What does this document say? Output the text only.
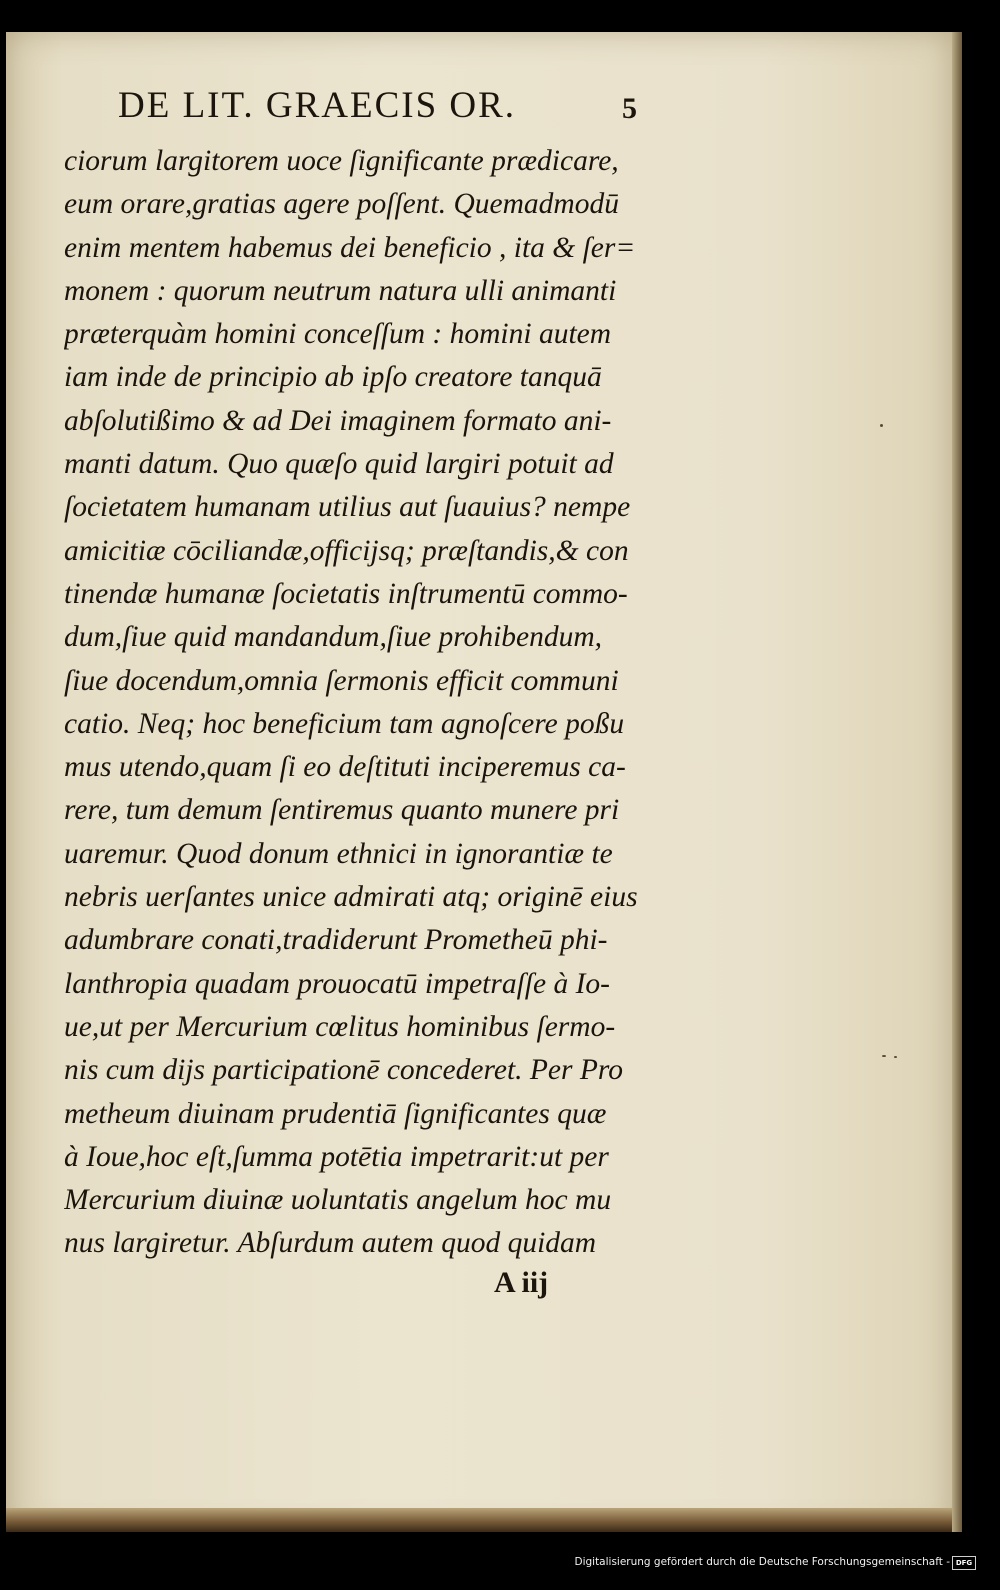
DE LIT. GRAECIS OR.	5
ciorum largitorem uoce ſignificante prædicare,
eum orare,gratias agere poſſent. Quemadmodū
enim mentem habemus dei beneficio , ita & ſer=
monem : quorum neutrum natura ulli animanti
præterquàm homini conceſſum : homini autem
iam inde de principio ab ipſo creatore tanquā
abſolutißimo & ad Dei imaginem formato ani-
manti datum. Quo quæſo quid largiri potuit ad
ſocietatem humanam utilius aut ſuauius? nempe
amicitiæ cōciliandæ,officijsq; præſtandis,& con
tinendæ humanæ ſocietatis inſtrumentū commo-
dum,ſiue quid mandandum,ſiue prohibendum,
ſiue docendum,omnia ſermonis efficit communi
catio. Neq; hoc beneficium tam agnoſcere poßu
mus utendo,quam ſi eo deſtituti inciperemus ca-
rere, tum demum ſentiremus quanto munere pri
uaremur. Quod donum ethnici in ignorantiæ te
nebris uerſantes unice admirati atq; originē eius
adumbrare conati,tradiderunt Prometheū phi-
lanthropia quadam prouocatū impetraſſe à Io-
ue,ut per Mercurium cœlitus hominibus ſermo-
nis cum dijs participationē concederet. Per Pro
metheum diuinam prudentiā ſignificantes quæ
à Ioue,hoc eſt,ſumma potētia impetrarit:ut per
Mercurium diuinæ uoluntatis angelum hoc mu
nus largiretur. Abſurdum autem quod quidam
A iij
Digitalisierung gefördert durch die Deutsche Forschungsgemeinschaft - DFG
